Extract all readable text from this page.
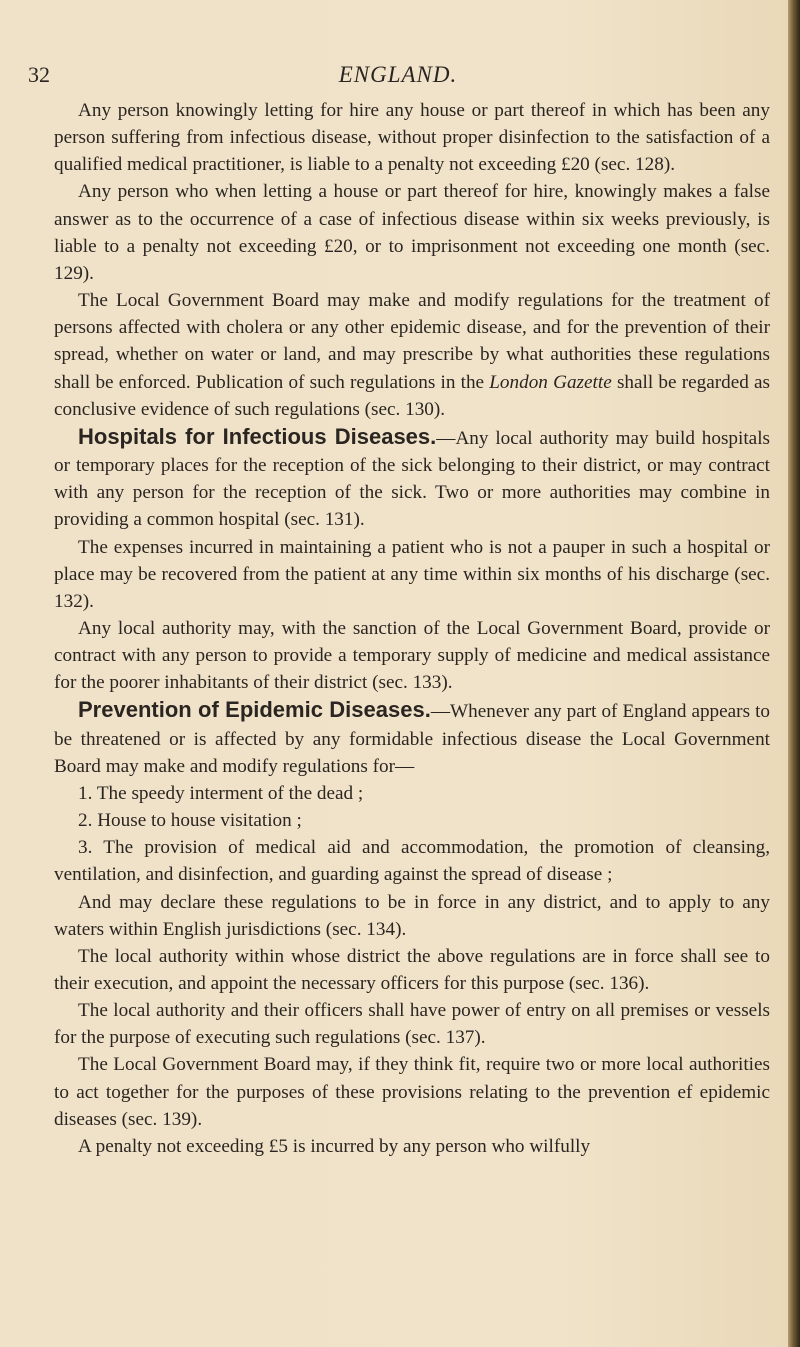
32	ENGLAND.

Any person knowingly letting for hire any house or part thereof in which has been any person suffering from infectious disease, without proper disinfection to the satisfaction of a qualified medical practitioner, is liable to a penalty not exceeding £20 (sec. 128).

Any person who when letting a house or part thereof for hire, knowingly makes a false answer as to the occurrence of a case of infectious disease within six weeks previously, is liable to a penalty not exceeding £20, or to imprisonment not exceeding one month (sec. 129).

The Local Government Board may make and modify regulations for the treatment of persons affected with cholera or any other epidemic disease, and for the prevention of their spread, whether on water or land, and may prescribe by what authorities these regulations shall be enforced. Publication of such regulations in the London Gazette shall be regarded as conclusive evidence of such regulations (sec. 130).

Hospitals for Infectious Diseases.—Any local authority may build hospitals or temporary places for the reception of the sick belonging to their district, or may contract with any person for the reception of the sick. Two or more authorities may combine in providing a common hospital (sec. 131).

The expenses incurred in maintaining a patient who is not a pauper in such a hospital or place may be recovered from the patient at any time within six months of his discharge (sec. 132).

Any local authority may, with the sanction of the Local Government Board, provide or contract with any person to provide a temporary supply of medicine and medical assistance for the poorer inhabitants of their district (sec. 133).

Prevention of Epidemic Diseases.—Whenever any part of England appears to be threatened or is affected by any formidable infectious disease the Local Government Board may make and modify regulations for—

1. The speedy interment of the dead ;

2. House to house visitation ;

3. The provision of medical aid and accommodation, the promotion of cleansing, ventilation, and disinfection, and guarding against the spread of disease ;

And may declare these regulations to be in force in any district, and to apply to any waters within English jurisdictions (sec. 134).

The local authority within whose district the above regulations are in force shall see to their execution, and appoint the necessary officers for this purpose (sec. 136).

The local authority and their officers shall have power of entry on all premises or vessels for the purpose of executing such regulations (sec. 137).

The Local Government Board may, if they think fit, require two or more local authorities to act together for the purposes of these provisions relating to the prevention ef epidemic diseases (sec. 139).

A penalty not exceeding £5 is incurred by any person who wilfully
